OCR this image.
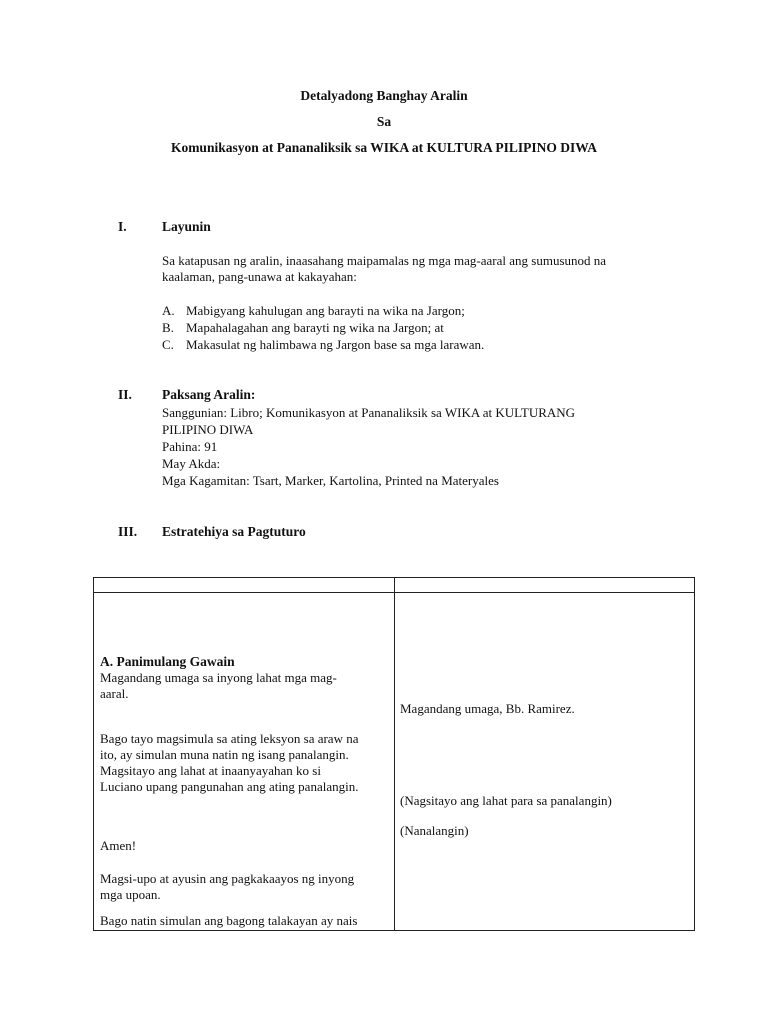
Detalyadong Banghay Aralin
Sa
Komunikasyon at Pananaliksik sa WIKA at KULTURA PILIPINO DIWA
I.	Layunin
Sa katapusan ng aralin, inaasahang maipamalas ng mga mag-aaral ang sumusunod na kaalaman, pang-unawa at kakayahan:
A. Mabigyang kahulugan ang barayti na wika na Jargon;
B. Mapahalagahan ang barayti ng wika na Jargon; at
C. Makasulat ng halimbawa ng Jargon base sa mga larawan.
II. Paksang Aralin:
Sanggunian: Libro; Komunikasyon at Pananaliksik sa WIKA at KULTURANG
PILIPINO DIWA
Pahina: 91
May Akda:
Mga Kagamitan: Tsart, Marker, Kartolina, Printed na Materyales
III. Estratehiya sa Pagtuturo
A. Panimulang Gawain
Magandang umaga sa inyong lahat mga mag-
aaral.
Bago tayo magsimula sa ating leksyon sa araw na
ito, ay simulan muna natin ng isang panalangin.
Magsitayo ang lahat at inaanyayahan ko si
Luciano upang pangunahan ang ating panalangin.
Amen!
Magsi-upo at ayusin ang pagkakaayos ng inyong
mga upoan.
Bago natin simulan ang bagong talakayan ay nais
Magandang umaga, Bb. Ramirez.
(Nagsitayo ang lahat para sa panalangin)
(Nanalangin)
